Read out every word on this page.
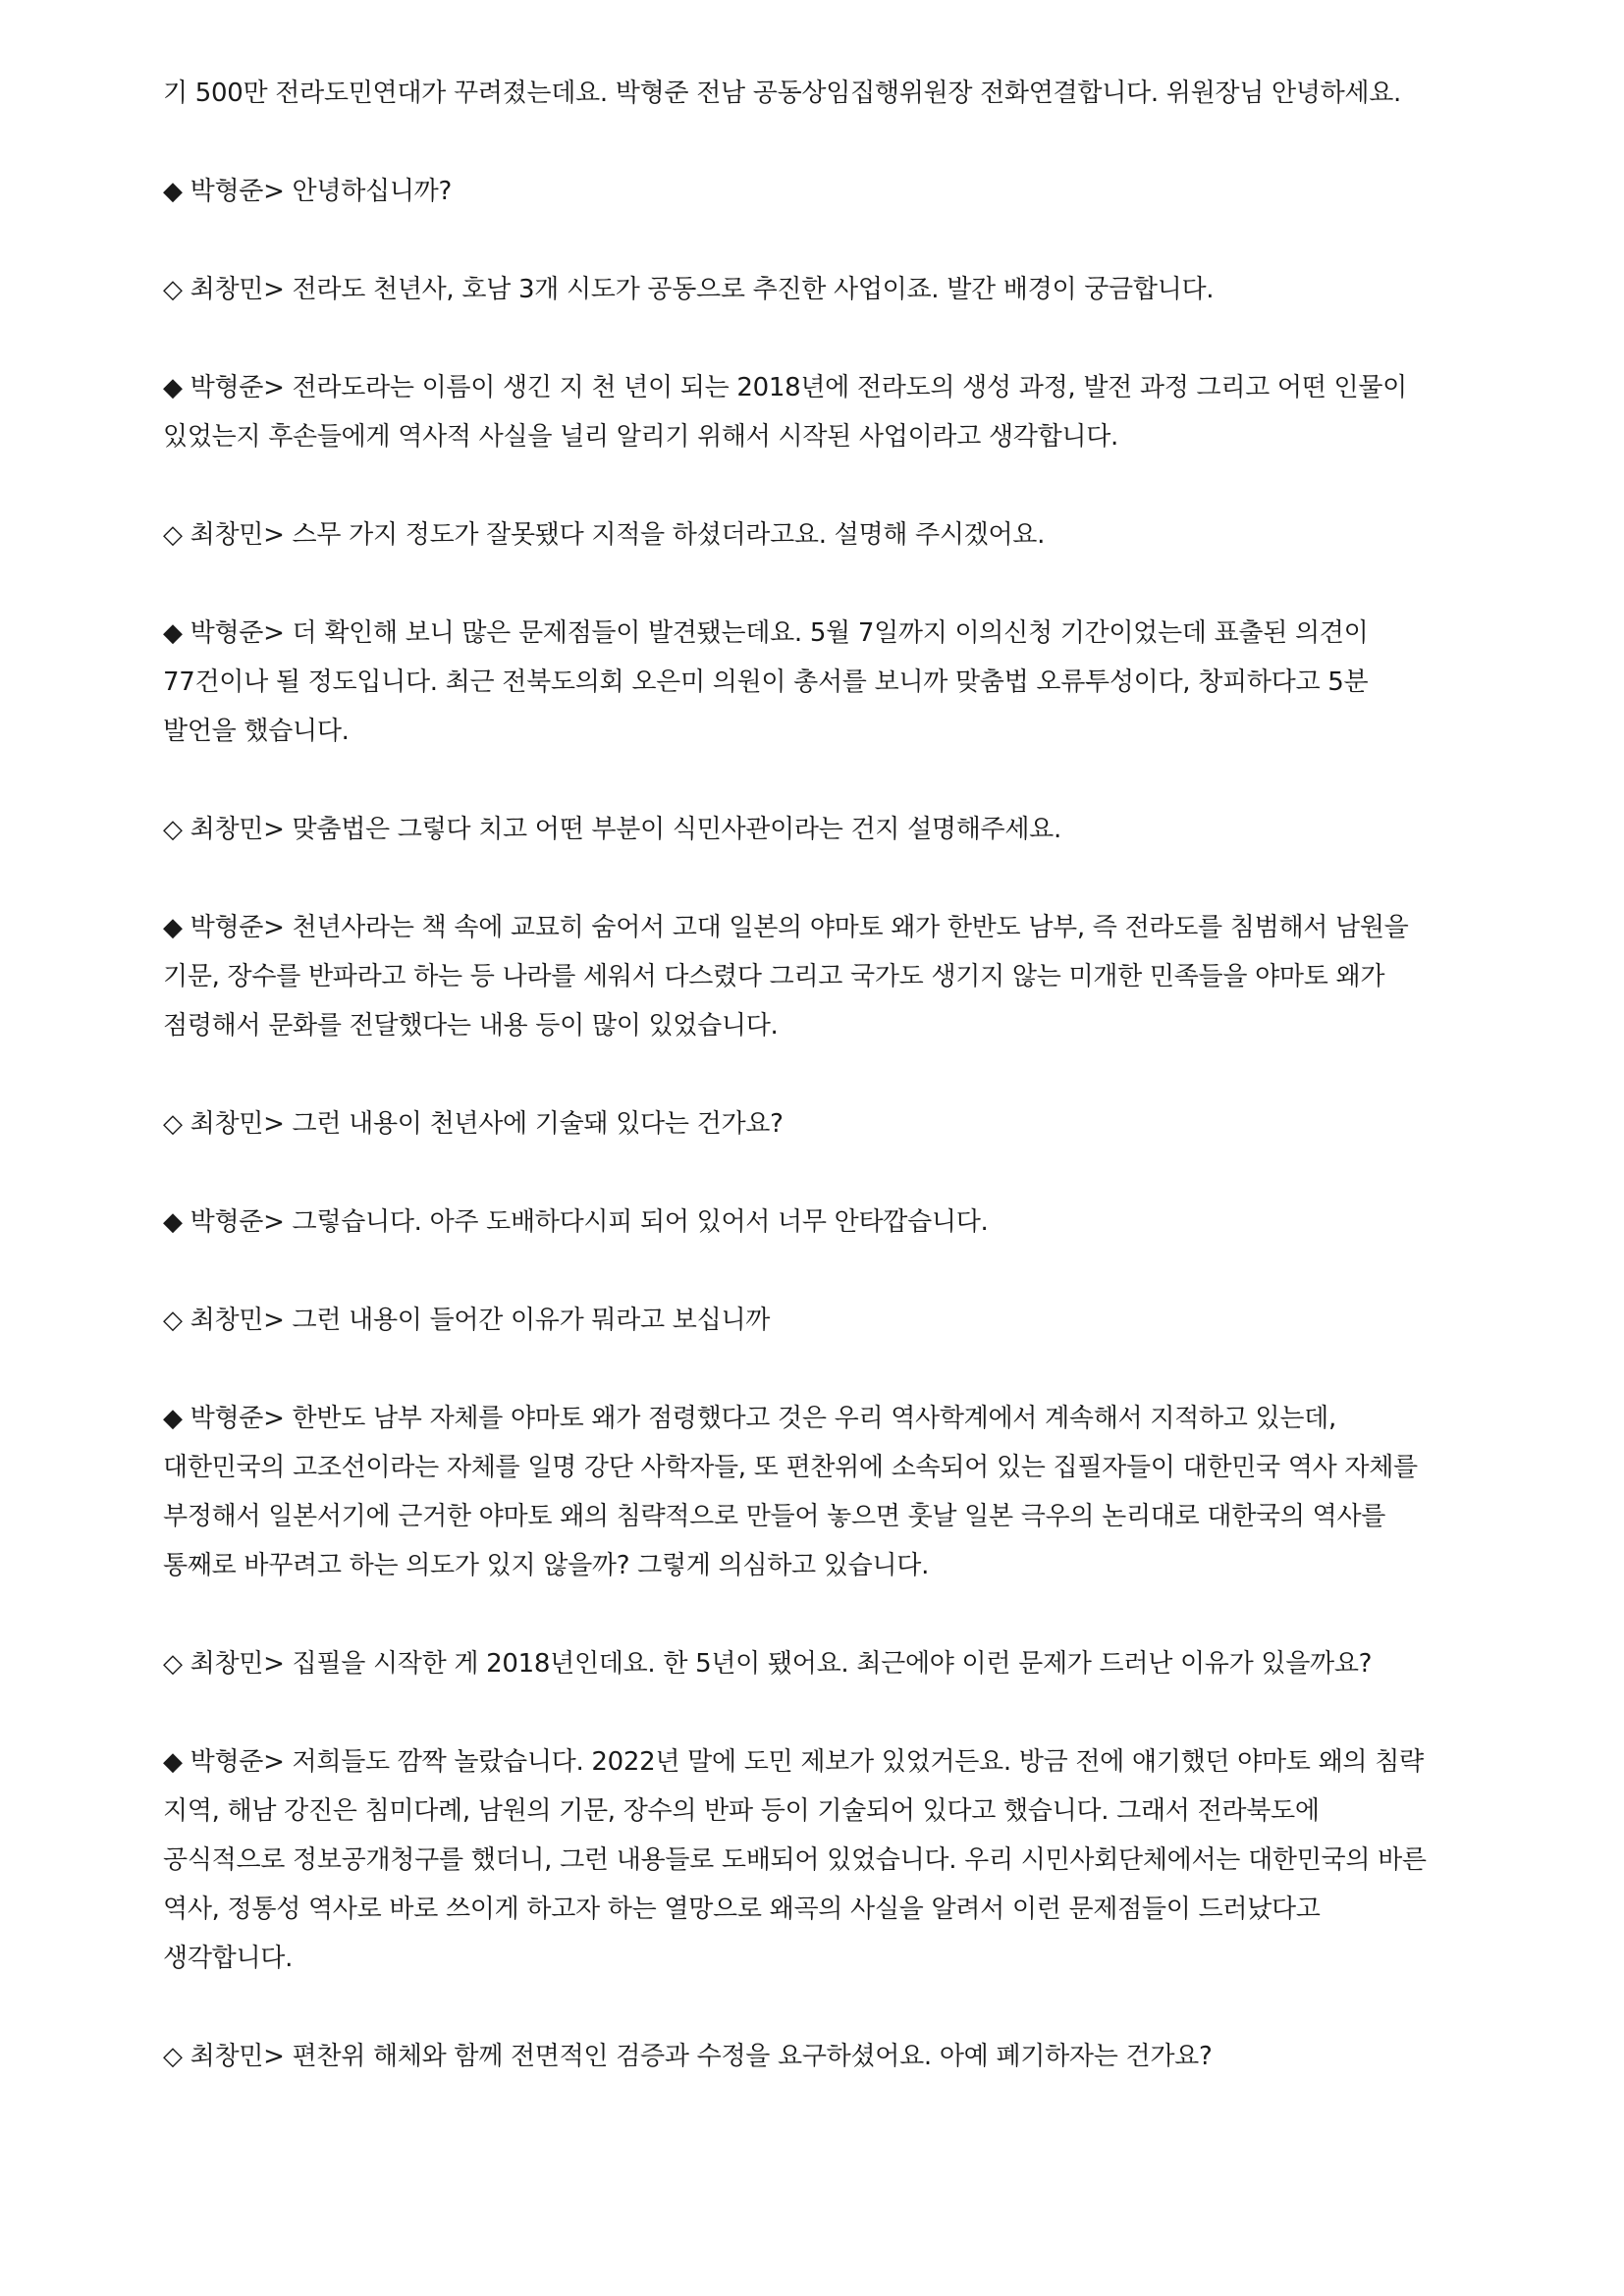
기 500만 전라도민연대가 꾸려졌는데요. 박형준 전남 공동상임집행위원장 전화연결합니다. 위원장님 안녕하세요.

◆ 박형준> 안녕하십니까?

◇ 최창민> 전라도 천년사, 호남 3개 시도가 공동으로 추진한 사업이죠. 발간 배경이 궁금합니다.

◆ 박형준> 전라도라는 이름이 생긴 지 천 년이 되는 2018년에 전라도의 생성 과정, 발전 과정 그리고 어떤 인물이 있었는지 후손들에게 역사적 사실을 널리 알리기 위해서 시작된 사업이라고 생각합니다.

◇ 최창민> 스무 가지 정도가 잘못됐다 지적을 하셨더라고요. 설명해 주시겠어요.

◆ 박형준> 더 확인해 보니 많은 문제점들이 발견됐는데요. 5월 7일까지 이의신청 기간이었는데 표출된 의견이 77건이나 될 정도입니다. 최근 전북도의회 오은미 의원이 총서를 보니까 맞춤법 오류투성이다, 창피하다고 5분 발언을 했습니다.

◇ 최창민> 맞춤법은 그렇다 치고 어떤 부분이 식민사관이라는 건지 설명해주세요.

◆ 박형준> 천년사라는 책 속에 교묘히 숨어서 고대 일본의 야마토 왜가 한반도 남부, 즉 전라도를 침범해서 남원을 기문, 장수를 반파라고 하는 등 나라를 세워서 다스렸다 그리고 국가도 생기지 않는 미개한 민족들을 야마토 왜가 점령해서 문화를 전달했다는 내용 등이 많이 있었습니다.

◇ 최창민> 그런 내용이 천년사에 기술돼 있다는 건가요?

◆ 박형준> 그렇습니다. 아주 도배하다시피 되어 있어서 너무 안타깝습니다.

◇ 최창민> 그런 내용이 들어간 이유가 뭐라고 보십니까

◆ 박형준> 한반도 남부 자체를 야마토 왜가 점령했다고 것은 우리 역사학계에서 계속해서 지적하고 있는데, 대한민국의 고조선이라는 자체를 일명 강단 사학자들, 또 편찬위에 소속되어 있는 집필자들이 대한민국 역사 자체를 부정해서 일본서기에 근거한 야마토 왜의 침략적으로 만들어 놓으면 훗날 일본 극우의 논리대로 대한국의 역사를 통째로 바꾸려고 하는 의도가 있지 않을까? 그렇게 의심하고 있습니다.

◇ 최창민> 집필을 시작한 게 2018년인데요. 한 5년이 됐어요. 최근에야 이런 문제가 드러난 이유가 있을까요?

◆ 박형준> 저희들도 깜짝 놀랐습니다. 2022년 말에 도민 제보가 있었거든요. 방금 전에 얘기했던 야마토 왜의 침략 지역, 해남 강진은 침미다례, 남원의 기문, 장수의 반파 등이 기술되어 있다고 했습니다. 그래서 전라북도에 공식적으로 정보공개청구를 했더니, 그런 내용들로 도배되어 있었습니다. 우리 시민사회단체에서는 대한민국의 바른 역사, 정통성 역사로 바로 쓰이게 하고자 하는 열망으로 왜곡의 사실을 알려서 이런 문제점들이 드러났다고 생각합니다.

◇ 최창민> 편찬위 해체와 함께 전면적인 검증과 수정을 요구하셨어요. 아예 폐기하자는 건가요?
